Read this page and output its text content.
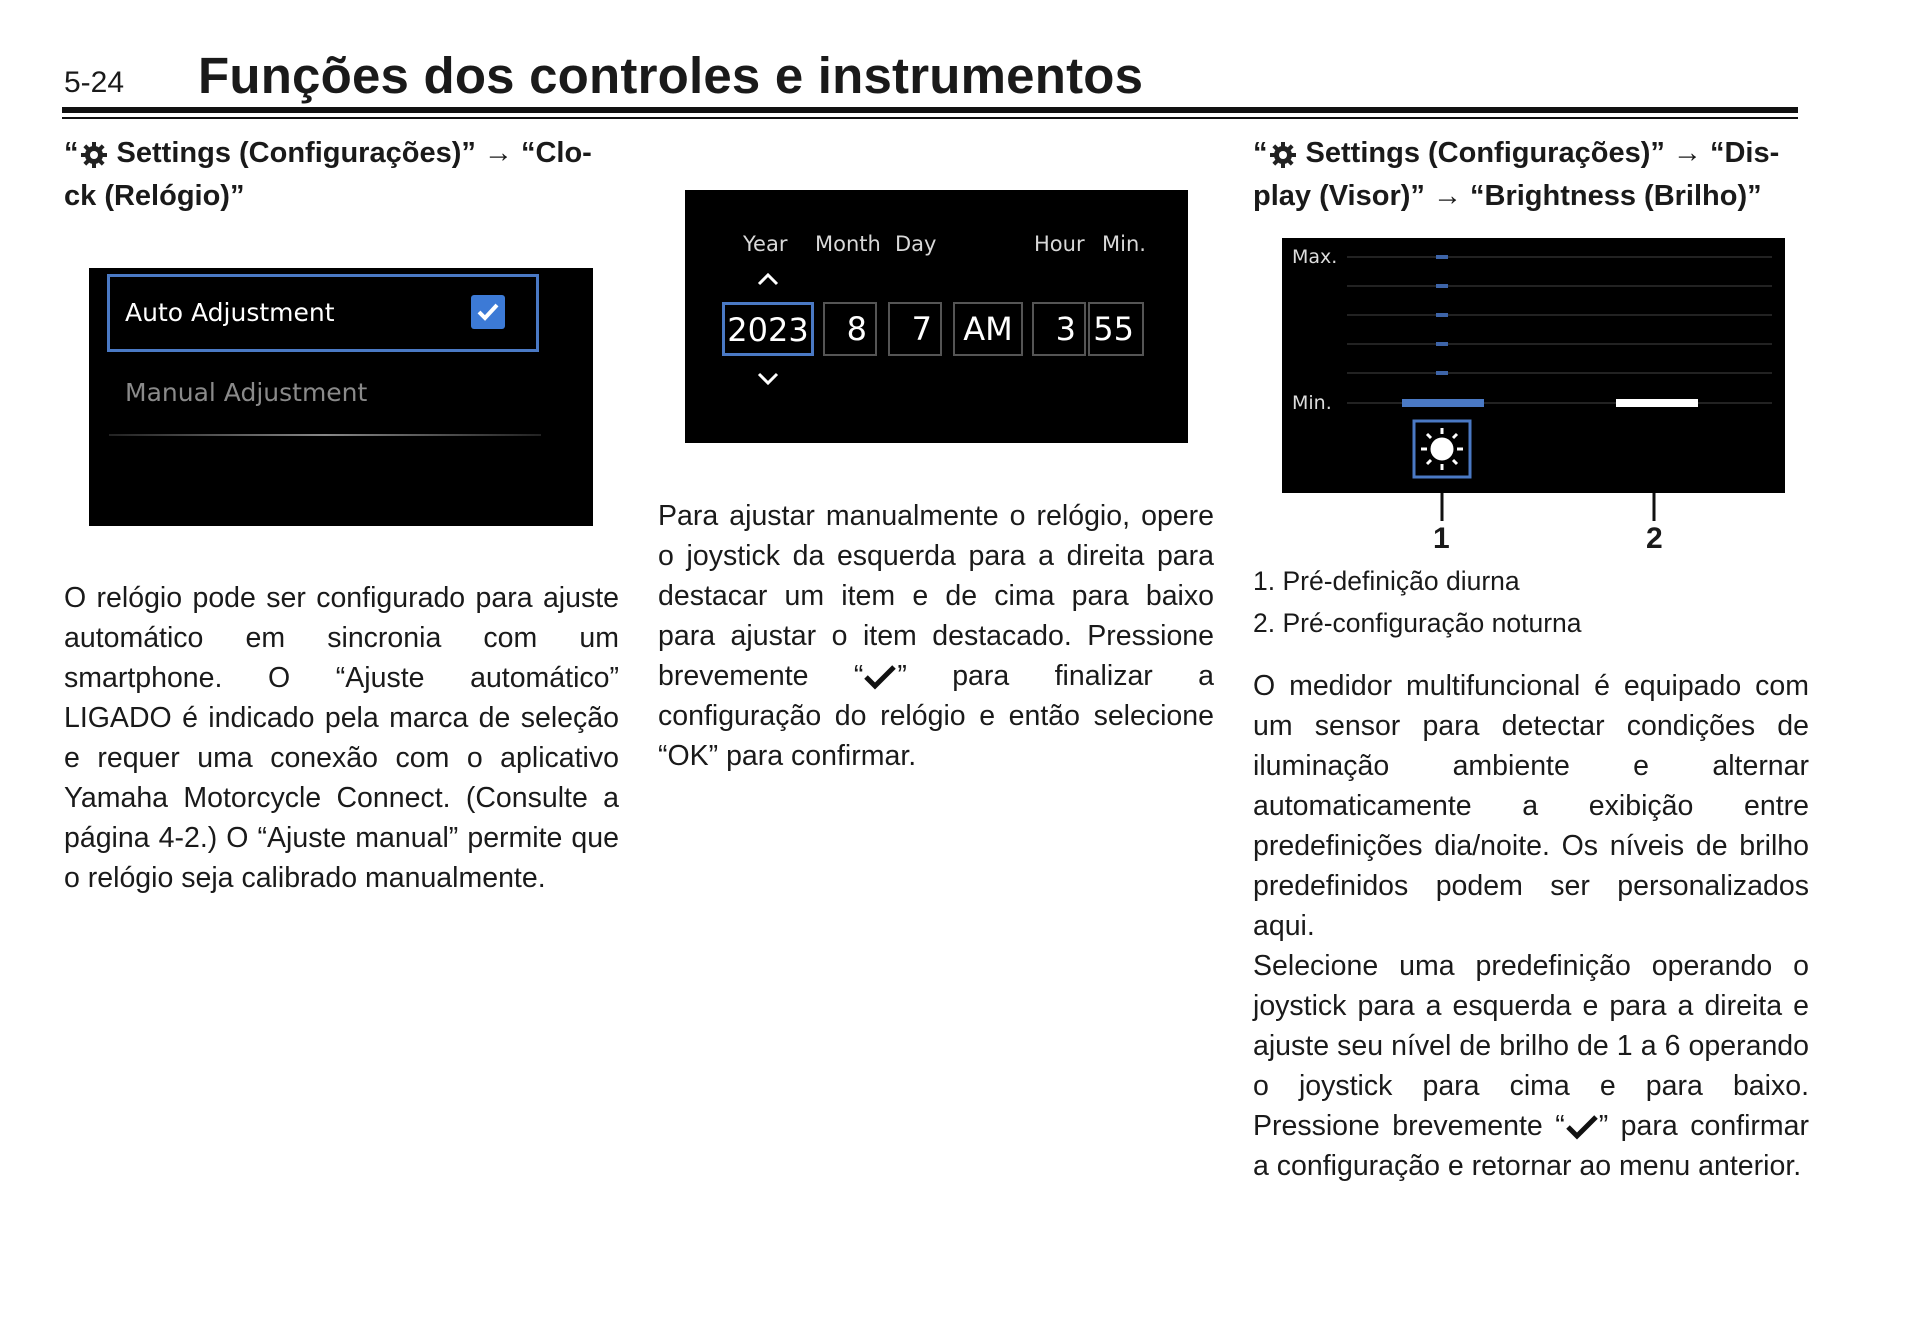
5-24 Funções dos controles e instrumentos
“ Settings (Configurações)” → “Clo-
ck (Relógio)”
Auto Adjustment
Manual Adjustment

O relógio pode ser configurado para ajuste automático em sincronia com um smartphone. O “Ajuste automático” LIGADO é indicado pela marca de seleção e requer uma conexão com o aplicativo Yamaha Motorcycle Connect. (Consulte a página 4-2.) O “Ajuste manual” permite que o relógio seja calibrado manualmente.

Year Month Day	Hour Min.
2023	8	7 AM	3 55

Para ajustar manualmente o relógio, opere o joystick da esquerda para a direita para destacar um item e de cima para baixo para ajustar o item destacado. Pressione brevemente “ ” para finalizar a configuração do relógio e então selecione “OK” para confirmar.

“ Settings (Configurações)” → “Dis-
play (Visor)” → “Brightness (Brilho)”
Max.
Min.
1	2
1. Pré-definição diurna
2. Pré-configuração noturna

O medidor multifuncional é equipado com um sensor para detectar condições de iluminação ambiente e alternar automaticamente a exibição entre predefinições dia/noite. Os níveis de brilho predefinidos podem ser personalizados aqui.

Selecione uma predefinição operando o joystick para a esquerda e para a direita e ajuste seu nível de brilho de 1 a 6 operando o joystick para cima e para baixo. Pressione brevemente “ ” para confirmar a configuração e retornar ao menu anterior.
